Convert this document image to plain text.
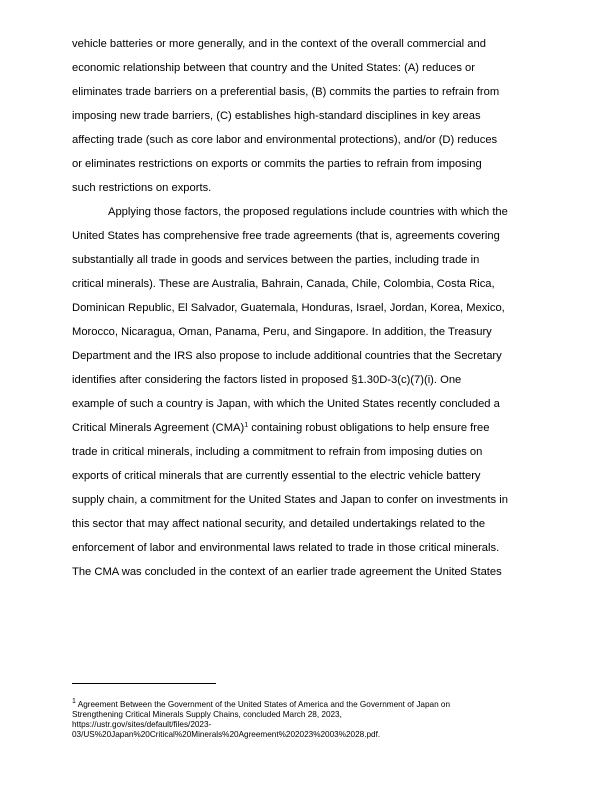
vehicle batteries or more generally, and in the context of the overall commercial and
economic relationship between that country and the United States: (A) reduces or
eliminates trade barriers on a preferential basis, (B) commits the parties to refrain from
imposing new trade barriers, (C) establishes high-standard disciplines in key areas
affecting trade (such as core labor and environmental protections), and/or (D) reduces
or eliminates restrictions on exports or commits the parties to refrain from imposing
such restrictions on exports.
Applying those factors, the proposed regulations include countries with which the
United States has comprehensive free trade agreements (that is, agreements covering
substantially all trade in goods and services between the parties, including trade in
critical minerals). These are Australia, Bahrain, Canada, Chile, Colombia, Costa Rica,
Dominican Republic, El Salvador, Guatemala, Honduras, Israel, Jordan, Korea, Mexico,
Morocco, Nicaragua, Oman, Panama, Peru, and Singapore. In addition, the Treasury
Department and the IRS also propose to include additional countries that the Secretary
identifies after considering the factors listed in proposed §1.30D-3(c)(7)(i). One
example of such a country is Japan, with which the United States recently concluded a
Critical Minerals Agreement (CMA)$^1$ containing robust obligations to help ensure free
trade in critical minerals, including a commitment to refrain from imposing duties on
exports of critical minerals that are currently essential to the electric vehicle battery
supply chain, a commitment for the United States and Japan to confer on investments in
this sector that may affect national security, and detailed undertakings related to the
enforcement of labor and environmental laws related to trade in those critical minerals.
The CMA was concluded in the context of an earlier trade agreement the United States
$^1$ Agreement Between the Government of the United States of America and the Government of Japan on
Strengthening Critical Minerals Supply Chains, concluded March 28, 2023,
https://ustr.gov/sites/default/files/2023-
03/US%20Japan%20Critical%20Minerals%20Agreement%202023%2003%2028.pdf.
